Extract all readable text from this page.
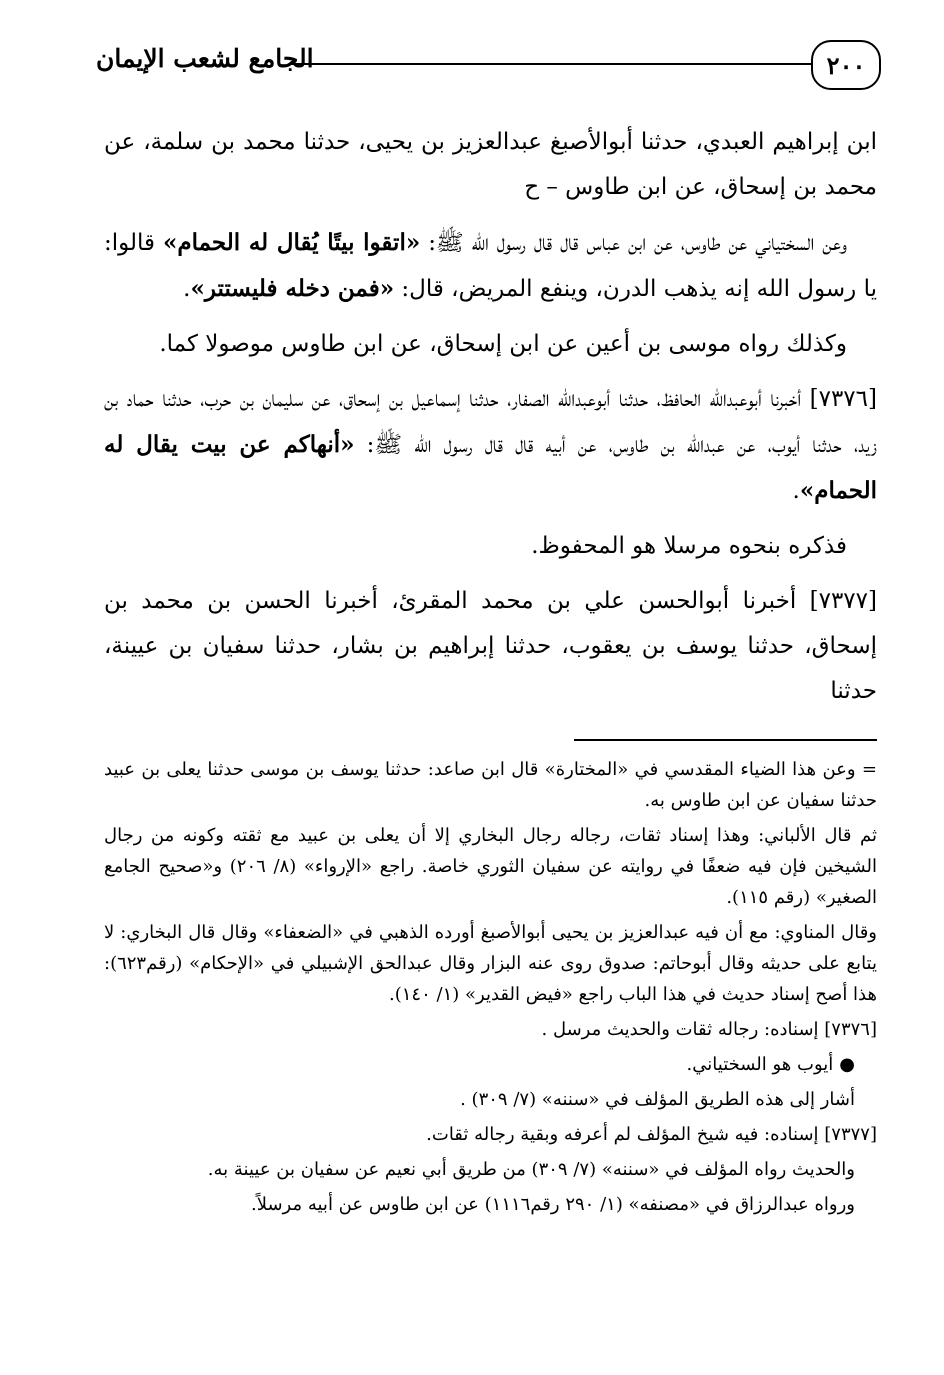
٢٠٠
الجامع لشعب الإيمان

ابن إبراهيم العبدي، حدثنا أبوالأصبغ عبدالعزيز بن يحيى، حدثنا محمد بن سلمة، عن محمد بن إسحاق، عن ابن طاوس – ح

وعن السختياني عن طاوس، عن ابن عباس قال قال رسول الله ﷺ: «اتقوا بيتًا يُقال له الحمام» قالوا: يا رسول الله إنه يذهب الدرن، وينفع المريض، قال: «فمن دخله فليستتر».

وكذلك رواه موسى بن أعين عن ابن إسحاق، عن ابن طاوس موصولا كما.

[٧٣٧٦] أخبرنا أبوعبدالله الحافظ، حدثنا أبوعبدالله الصفار، حدثنا إسماعيل بن إسحاق، عن سليمان بن حرب، حدثنا حماد بن زيد، حدثنا أيوب، عن عبدالله بن طاوس، عن أبيه قال قال رسول الله ﷺ: «أنهاكم عن بيت يقال له الحمام».

فذكره بنحوه مرسلا هو المحفوظ.

[٧٣٧٧] أخبرنا أبوالحسن علي بن محمد المقرئ، أخبرنا الحسن بن محمد بن إسحاق، حدثنا يوسف بن يعقوب، حدثنا إبراهيم بن بشار، حدثنا سفيان بن عيينة، حدثنا

= وعن هذا الضياء المقدسي في «المختارة» قال ابن صاعد: حدثنا يوسف بن موسى حدثنا يعلى بن عبيد حدثنا سفيان عن ابن طاوس به.

ثم قال الألباني: وهذا إسناد ثقات، رجاله رجال البخاري إلا أن يعلى بن عبيد مع ثقته وكونه من رجال الشيخين فإن فيه ضعفًا في روايته عن سفيان الثوري خاصة. راجع «الإرواء» (٨/ ٢٠٦) و«صحيح الجامع الصغير» (رقم ١١٥).

وقال المناوي: مع أن فيه عبدالعزيز بن يحيى أبوالأصبغ أورده الذهبي في «الضعفاء» وقال قال البخاري: لا يتابع على حديثه وقال أبوحاتم: صدوق روى عنه البزار وقال عبدالحق الإشبيلي في «الإحكام» (رقم٦٢٣): هذا أصح إسناد حديث في هذا الباب راجع «فيض القدير» (١/ ١٤٠).

[٧٣٧٦] إسناده: رجاله ثقات والحديث مرسل .

●أيوب هو السختياني.

أشار إلى هذه الطريق المؤلف في «سننه» (٧/ ٣٠٩) .

[٧٣٧٧] إسناده: فيه شيخ المؤلف لم أعرفه وبقية رجاله ثقات.

والحديث رواه المؤلف في «سننه» (٧/ ٣٠٩) من طريق أبي نعيم عن سفيان بن عيينة به.

ورواه عبدالرزاق في «مصنفه» (١/ ٢٩٠ رقم١١١٦) عن ابن طاوس عن أبيه مرسلاً.
